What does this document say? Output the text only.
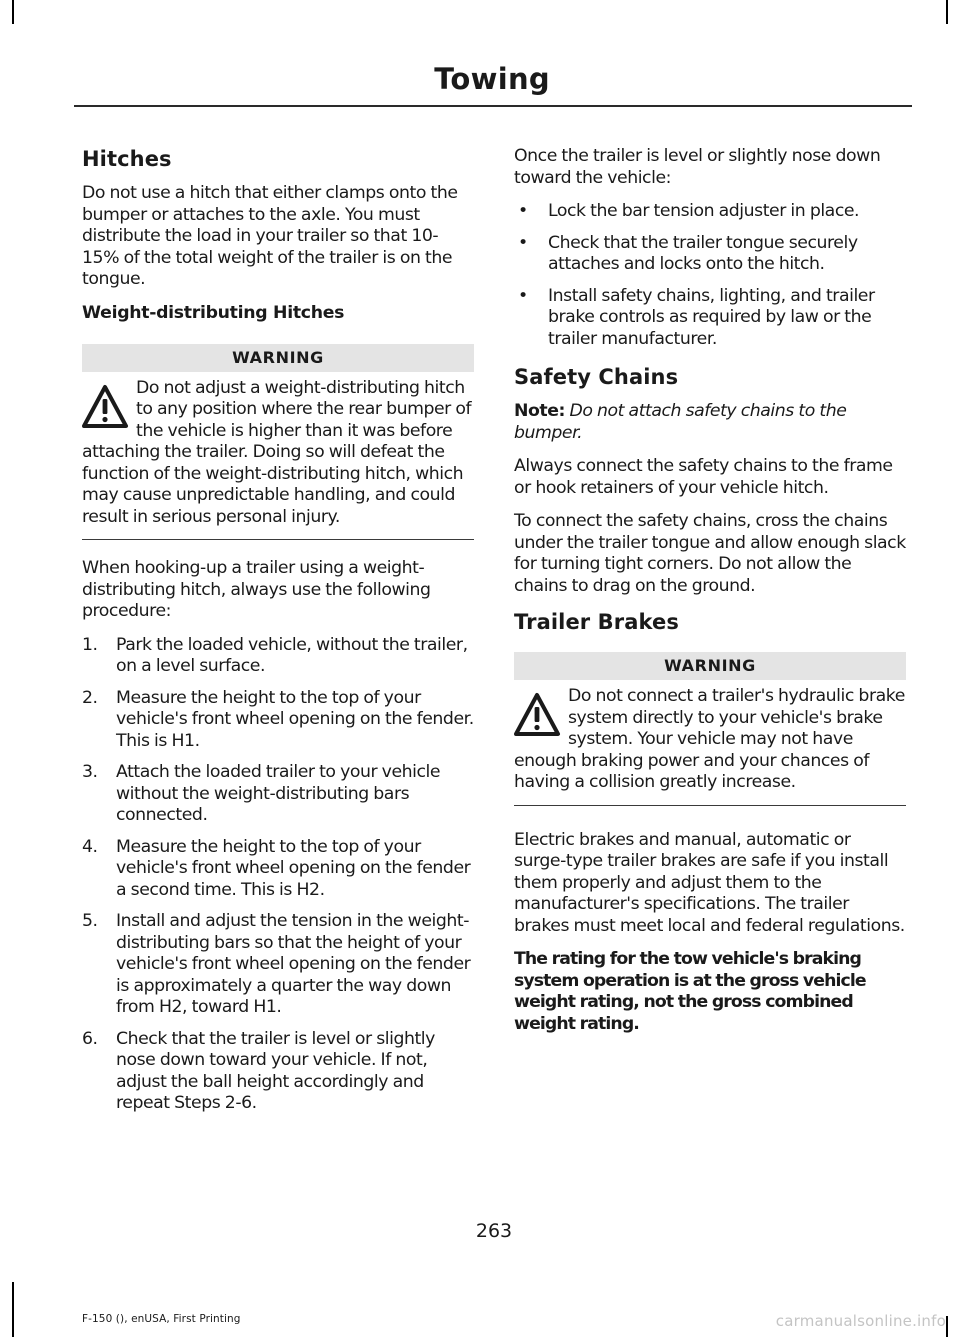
Towing
Hitches

Do not use a hitch that either clamps onto the bumper or attaches to the axle. You must distribute the load in your trailer so that 10-15% of the total weight of the trailer is on the tongue.

Weight-distributing Hitches
WARNING
Do not adjust a weight-distributing hitch to any position where the rear bumper of the vehicle is higher than it was before attaching the trailer. Doing so will defeat the function of the weight-distributing hitch, which may cause unpredictable handling, and could result in serious personal injury.

When hooking-up a trailer using a weight-distributing hitch, always use the following procedure:

1. Park the loaded vehicle, without the trailer, on a level surface.
2. Measure the height to the top of your vehicle's front wheel opening on the fender. This is H1.
3. Attach the loaded trailer to your vehicle without the weight-distributing bars connected.
4. Measure the height to the top of your vehicle's front wheel opening on the fender a second time. This is H2.
5. Install and adjust the tension in the weight-distributing bars so that the height of your vehicle's front wheel opening on the fender is approximately a quarter the way down from H2, toward H1.
6. Check that the trailer is level or slightly nose down toward your vehicle. If not, adjust the ball height accordingly and repeat Steps 2-6.

Once the trailer is level or slightly nose down toward the vehicle:

• Lock the bar tension adjuster in place.
• Check that the trailer tongue securely attaches and locks onto the hitch.
• Install safety chains, lighting, and trailer brake controls as required by law or the trailer manufacturer.
Safety Chains

Note: Do not attach safety chains to the bumper.

Always connect the safety chains to the frame or hook retainers of your vehicle hitch.

To connect the safety chains, cross the chains under the trailer tongue and allow enough slack for turning tight corners. Do not allow the chains to drag on the ground.

Trailer Brakes
WARNING
Do not connect a trailer's hydraulic brake system directly to your vehicle's brake system. Your vehicle may not have enough braking power and your chances of having a collision greatly increase.

Electric brakes and manual, automatic or surge-type trailer brakes are safe if you install them properly and adjust them to the manufacturer's specifications. The trailer brakes must meet local and federal regulations.

The rating for the tow vehicle's braking system operation is at the gross vehicle weight rating, not the gross combined weight rating.

263
F-150 (), enUSA, First Printing	carmanualsonline.info
